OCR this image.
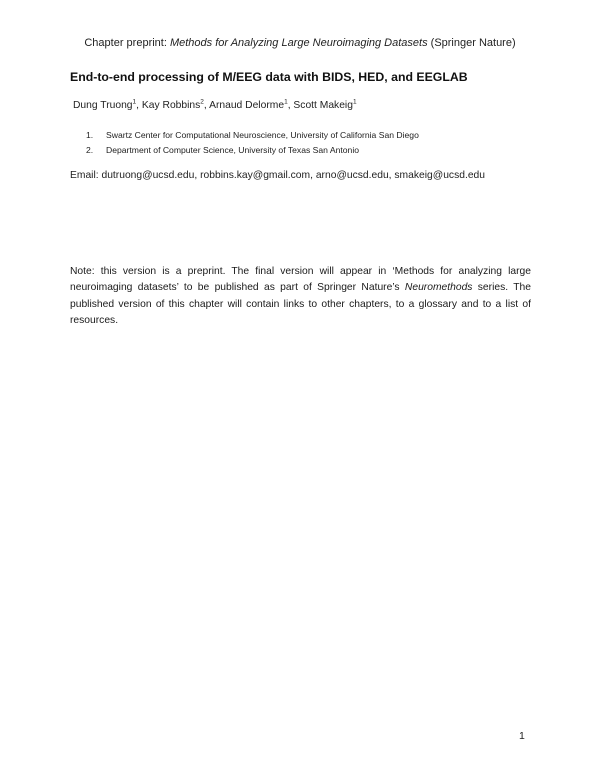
Chapter preprint: Methods for Analyzing Large Neuroimaging Datasets (Springer Nature)
End-to-end processing of M/EEG data with BIDS, HED, and EEGLAB
Dung Truong$^1$, Kay Robbins$^2$, Arnaud Delorme$^1$, Scott Makeig$^1$
1. Swartz Center for Computational Neuroscience, University of California San Diego
2. Department of Computer Science, University of Texas San Antonio
Email: dutruong@ucsd.edu, robbins.kay@gmail.com, arno@ucsd.edu, smakeig@ucsd.edu

Note: this version is a preprint. The final version will appear in ‘Methods for analyzing large neuroimaging datasets’ to be published as part of Springer Nature’s Neuromethods series. The published version of this chapter will contain links to other chapters, to a glossary and to a list of resources.

1
